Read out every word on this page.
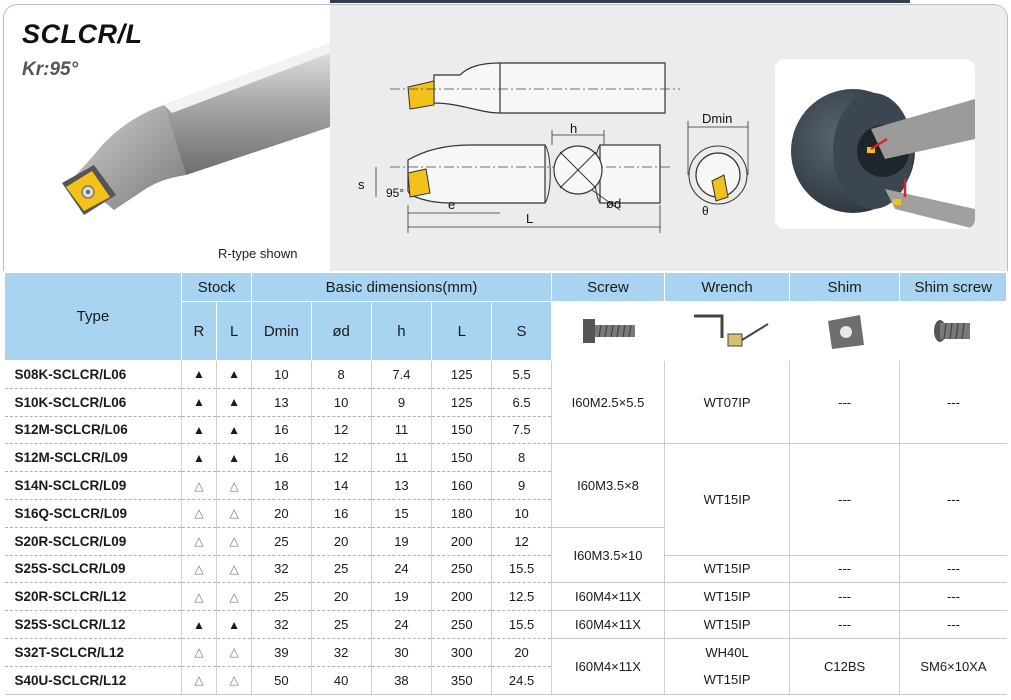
SCLCR/L
Kr:95°
R-type shown
h
ød
s
95°
e
L
Dmin
θ
Type	Stock		Basic dimensions(mm)					Screw	Wrench	Shim	Shim screw
	R	L	Dmin	ød	h	L	S	

S08K-SCLCR/L06	▲	▲	10	8	7.4	125	5.5	I60M2.5×5.5	WT07IP	---	---
S10K-SCLCR/L06	▲	▲	13	10	9	125	6.5				
S12M-SCLCR/L06	▲	▲	16	12	11	150	7.5				
S12M-SCLCR/L09	▲	▲	16	12	11	150	8	I60M3.5×8	WT15IP	---	---
S14N-SCLCR/L09	△	△	18	14	13	160	9				
S16Q-SCLCR/L09	△	△	20	16	15	180	10				
S20R-SCLCR/L09	△	△	25	20	19	200	12	I60M3.5×10			
S25S-SCLCR/L09	△	△	32	25	24	250	15.5		WT15IP	---	---
S20R-SCLCR/L12	△	△	25	20	19	200	12.5	I60M4×11X	WT15IP	---	---
S25S-SCLCR/L12	▲	▲	32	25	24	250	15.5	I60M4×11X	WT15IP	---	---
S32T-SCLCR/L12	△	△	39	32	30	300	20	I60M4×11X	WH40L	C12BS	SM6×10XA
S40U-SCLCR/L12	△	△	50	40	38	350	24.5		WT15IP		
